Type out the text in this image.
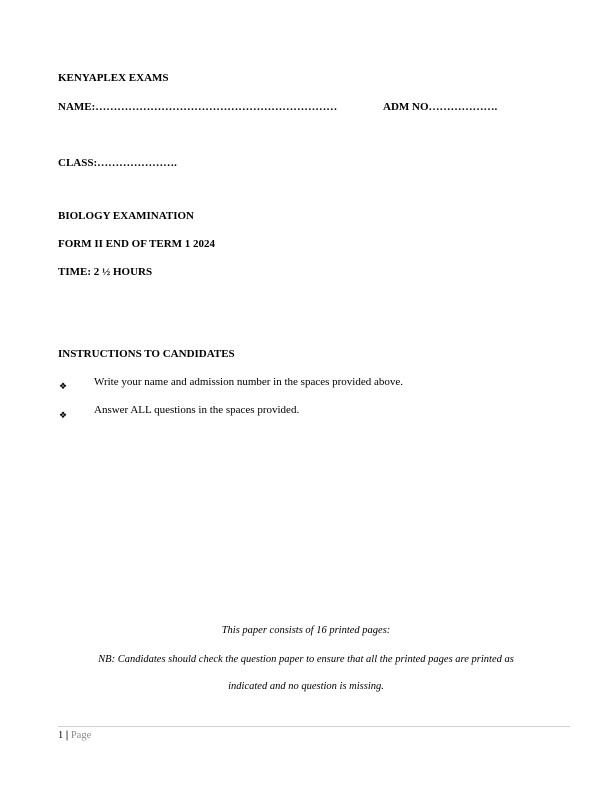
KENYAPLEX EXAMS
NAME:…………………………………………………………	ADM NO……………….
CLASS:………………….
BIOLOGY EXAMINATION
FORM II END OF TERM 1 2024
TIME: 2 ½ HOURS
INSTRUCTIONS TO CANDIDATES
❖ Write your name and admission number in the spaces provided above.
❖ Answer ALL questions in the spaces provided.
This paper consists of 16 printed pages:
NB: Candidates should check the question paper to ensure that all the printed pages are printed as
indicated and no question is missing.
1 | Page
